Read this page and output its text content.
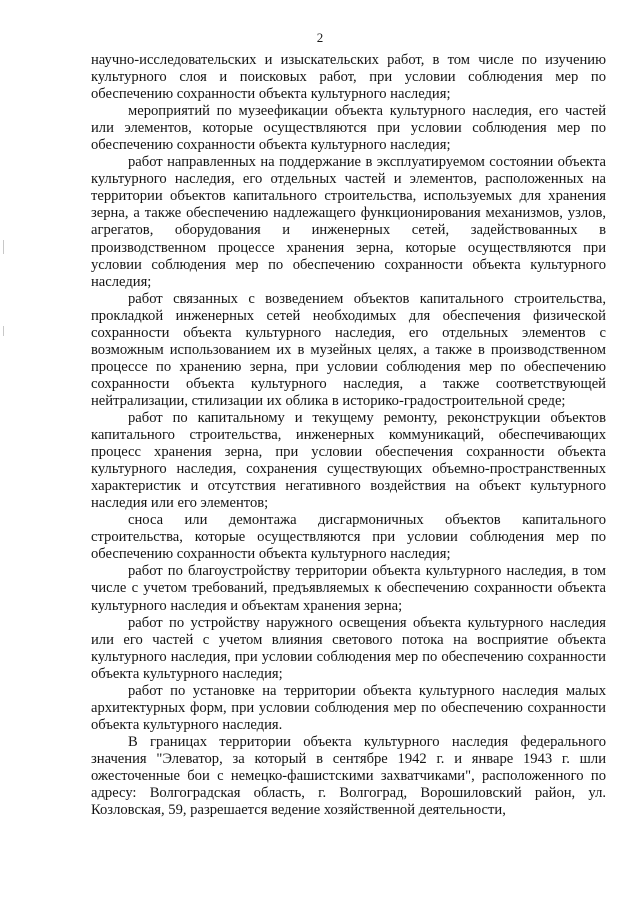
2

научно-исследовательских и изыскательских работ, в том числе по изучению культурного слоя и поисковых работ, при условии соблюдения мер по обеспечению сохранности объекта культурного наследия;

мероприятий по музеефикации объекта культурного наследия, его частей или элементов, которые осуществляются при условии соблюдения мер по обеспечению сохранности объекта культурного наследия;

работ направленных на поддержание в эксплуатируемом состоянии объекта культурного наследия, его отдельных частей и элементов, расположенных на территории объектов капитального строительства, используемых для хранения зерна, а также обеспечению надлежащего функционирования механизмов, узлов, агрегатов, оборудования и инженерных сетей, задействованных в производственном процессе хранения зерна, которые осуществляются при условии соблюдения мер по обеспечению сохранности объекта культурного наследия;

работ связанных с возведением объектов капитального строительства, прокладкой инженерных сетей необходимых для обеспечения физической сохранности объекта культурного наследия, его отдельных элементов с возможным использованием их в музейных целях, а также в производственном процессе по хранению зерна, при условии соблюдения мер по обеспечению сохранности объекта культурного наследия, а также соответствующей нейтрализации, стилизации их облика в историко-градостроительной среде;

работ по капитальному и текущему ремонту, реконструкции объектов капитального строительства, инженерных коммуникаций, обеспечивающих процесс хранения зерна, при условии обеспечения сохранности объекта культурного наследия, сохранения существующих объемно-пространственных характеристик и отсутствия негативного воздействия на объект культурного наследия или его элементов;

сноса или демонтажа дисгармоничных объектов капитального строительства, которые осуществляются при условии соблюдения мер по обеспечению сохранности объекта культурного наследия;

работ по благоустройству территории объекта культурного наследия, в том числе с учетом требований, предъявляемых к обеспечению сохранности объекта культурного наследия и объектам хранения зерна;

работ по устройству наружного освещения объекта культурного наследия или его частей с учетом влияния светового потока на восприятие объекта культурного наследия, при условии соблюдения мер по обеспечению сохранности объекта культурного наследия;

работ по установке на территории объекта культурного наследия малых архитектурных форм, при условии соблюдения мер по обеспечению сохранности объекта культурного наследия.

В границах территории объекта культурного наследия федерального значения "Элеватор, за который в сентябре 1942 г. и январе 1943 г. шли ожесточенные бои с немецко-фашистскими захватчиками", расположенного по адресу: Волгоградская область, г. Волгоград, Ворошиловский район, ул. Козловская, 59, разрешается ведение хозяйственной деятельности,
